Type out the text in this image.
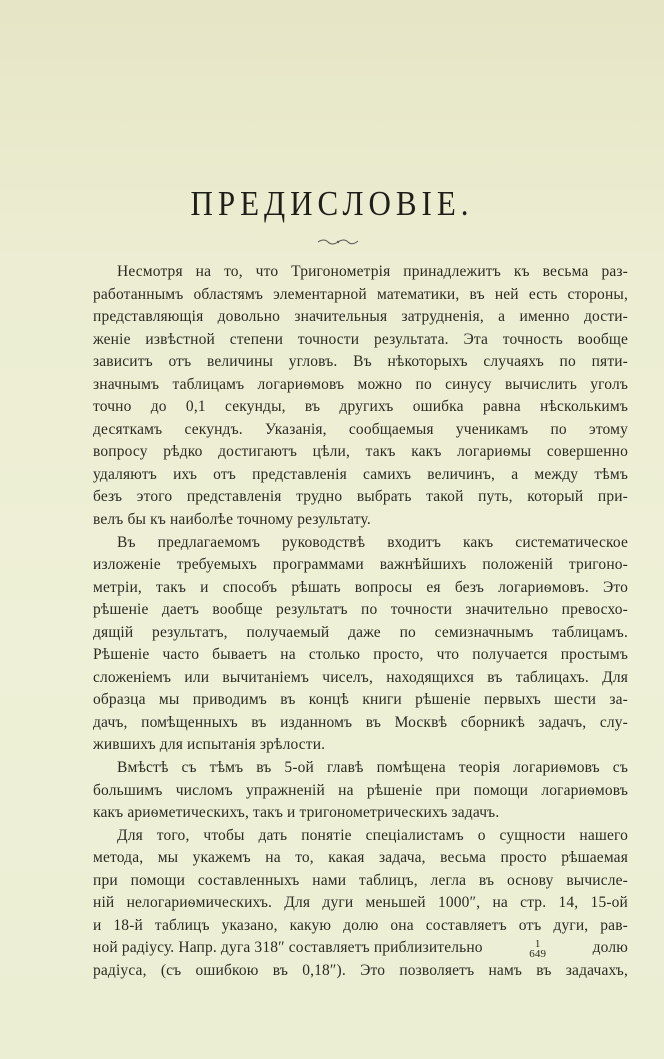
ПРЕДИСЛОВІЕ.
Несмотря на то, что Тригонометрія принадлежитъ къ весьма раз-
работаннымъ областямъ элементарной математики, въ ней есть стороны,
представляющія довольно значительныя затрудненія, а именно дости-
женіе извѣстной степени точности результата. Эта точность вообще
зависитъ отъ величины угловъ. Въ нѣкоторыхъ случаяхъ по пяти-
значнымъ таблицамъ логариѳмовъ можно по синусу вычислить уголъ
точно до 0,1 секунды, въ другихъ ошибка равна нѣсколькимъ
десяткамъ секундъ. Указанія, сообщаемыя ученикамъ по этому
вопросу рѣдко достигаютъ цѣли, такъ какъ логариѳмы совершенно
удаляютъ ихъ отъ представленія самихъ величинъ, а между тѣмъ
безъ этого представленія трудно выбрать такой путь, который при-
велъ бы къ наиболѣе точному результату.
Въ предлагаемомъ руководствѣ входитъ какъ систематическое
изложеніе требуемыхъ программами важнѣйшихъ положеній тригоно-
метріи, такъ и способъ рѣшать вопросы ея безъ логариѳмовъ. Это
рѣшеніе даетъ вообще результатъ по точности значительно превосхо-
дящій результатъ, получаемый даже по семизначнымъ таблицамъ.
Рѣшеніе часто бываетъ на столько просто, что получается простымъ
сложеніемъ или вычитаніемъ чиселъ, находящихся въ таблицахъ. Для
образца мы приводимъ въ концѣ книги рѣшеніе первыхъ шести за-
дачъ, помѣщенныхъ въ изданномъ въ Москвѣ сборникѣ задачъ, слу-
жившихъ для испытанія зрѣлости.
Вмѣстѣ съ тѣмъ въ 5-ой главѣ помѣщена теорія логариѳмовъ съ
большимъ числомъ упражненій на рѣшеніе при помощи логариѳмовъ
какъ ариѳметическихъ, такъ и тригонометрическихъ задачъ.
Для того, чтобы дать понятіе спеціалистамъ о сущности нашего
метода, мы укажемъ на то, какая задача, весьма просто рѣшаемая
при помощи составленныхъ нами таблицъ, легла въ основу вычисле-
ній нелогариѳмическихъ. Для дуги меньшей 1000″, на стр. 14, 15-ой
и 18-й таблицъ указано, какую долю она составляетъ отъ дуги, рав-
ной радіусу. Напр. дуга 318″ составляетъ приблизительно	1
649	долю
радіуса, (съ ошибкою въ 0,18″). Это позволяетъ намъ въ задачахъ,
